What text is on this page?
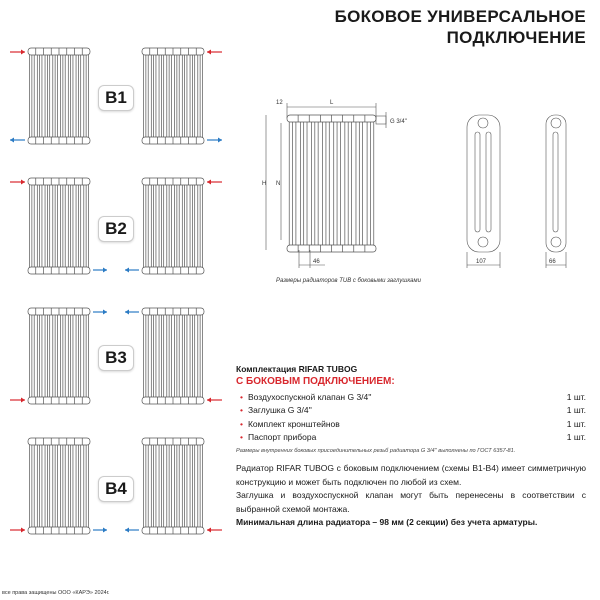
БОКОВОЕ УНИВЕРСАЛЬНОЕ
ПОДКЛЮЧЕНИЕ
B1
B2
B3
B4
L
12
H N
46
G 3/4''
107	66
Размеры радиаторов TUB с боковыми заглушками
Комплектация RIFAR TUBOG
С БОКОВЫМ ПОДКЛЮЧЕНИЕМ:
• Воздухоспускной клапан G 3/4''	1 шт.
• Заглушка G 3/4''	1 шт.
• Комплект кронштейнов	1 шт.
• Паспорт прибора	1 шт.
Размеры внутренних боковых присоединительных резьб радиатора G 3/4'' выполнены по ГОСТ 6357-81.

Радиатор RIFAR TUBOG с боковым подключением (схемы В1-В4) имеет симметричную конструкцию и может быть подключен по любой из схем.

Заглушка и воздухоспускной клапан могут быть перенесены в соответствии с выбранной схемой монтажа.

Минимальная длина радиатора – 98 мм (2 секции) без учета арматуры.

все права защищены ООО «КАРЭ» 2024г.
